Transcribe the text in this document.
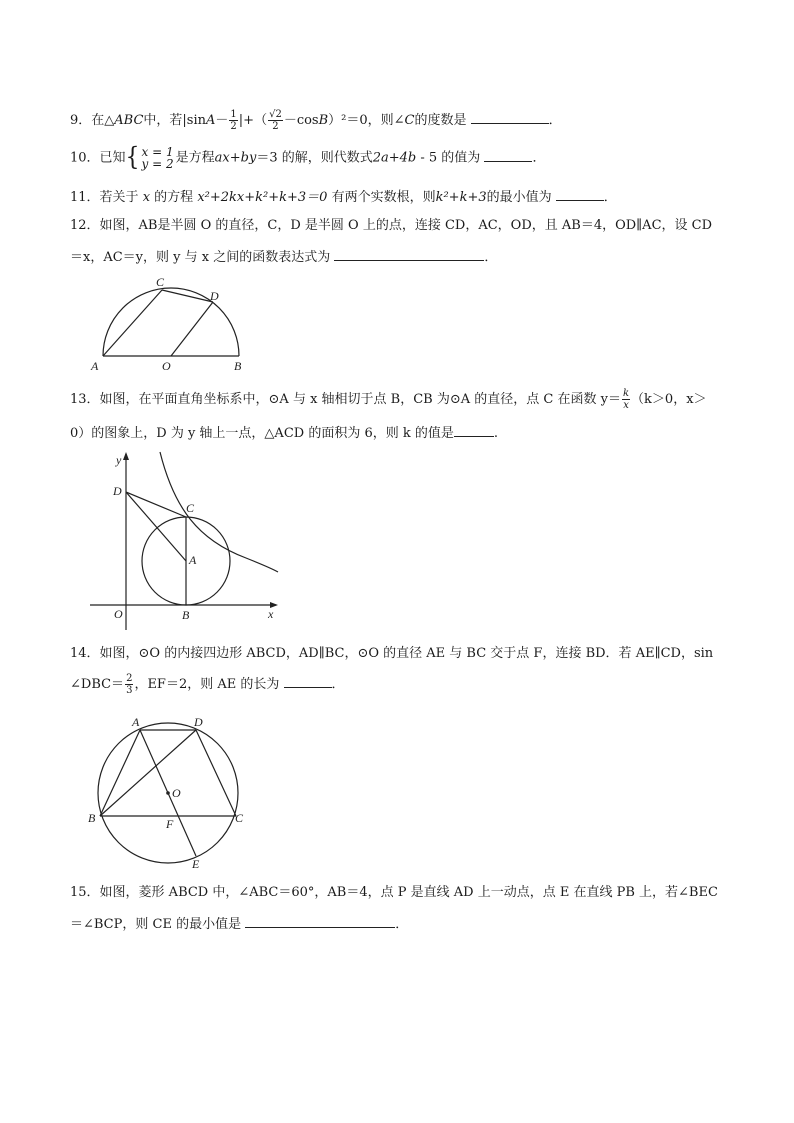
9．在△ABC中，若$|\sin A- \frac{1}{2}$ |+（ $\frac{√2}{2} -\cos B)^2=0$，则∠C的度数是	．
10．已知{ x = 1
y = 2 是方程ax+by＝3 的解，则代数式2a+4b - 5 的值为	．
11．若关于 x 的方程 x²+2kx+k²+k+3＝0 有两个实数根，则k²+k+3的最小值为	．
12．如图，AB是半圆 O 的直径，C，D 是半圆 O 上的点，连接 CD，AC，OD，且 AB＝4，OD∥AC，设 CD
＝x，AC＝y，则 y 与 x 之间的函数表达式为	．
A	O	B
C
D
13．如图，在平面直角坐标系中，⊙A 与 x 轴相切于点 B，CB 为⊙A 的直径，点 C 在函数 $y= \frac{k}{x} (k>0$，x＞
0）的图象上，D 为 y 轴上一点，△ACD 的面积为 6，则 k 的值是	.
y
D
C
A
O	B	x
14．如图，⊙O 的内接四边形 ABCD，AD∥BC，⊙O 的直径 AE 与 BC 交于点 F，连接 BD．若 AE∥CD，sin
∠DBC＝ $\frac{2}{3}$ ，EF＝2，则 AE 的长为	．
A	D
O
B	F	C
E
15．如图，菱形 ABCD 中，∠ABC＝60°，AB＝4，点 P 是直线 AD 上一动点，点 E 在直线 PB 上，若∠BEC
＝∠BCP，则 CE 的最小值是	．
